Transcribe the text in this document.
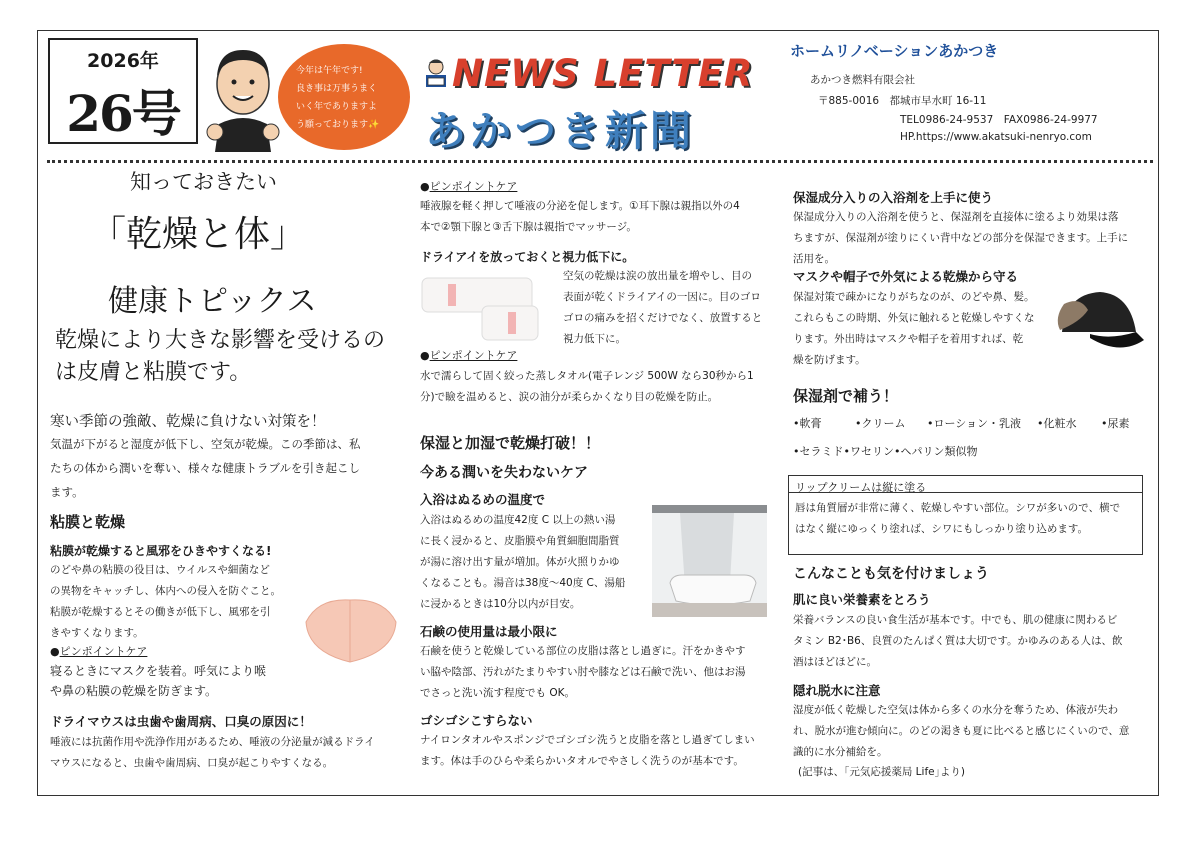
2026年
26号
今年は午年です!
良き事は万事うまく
いく年でありますよ
う願っております✨
NEWS LETTER
あかつき新聞
ホームリノベーションあかつき
あかつき燃料有限会社
〒885-0016　都城市早水町 16-11
TEL0986-24-9537　FAX0986-24-9977
HP.https://www.akatsuki-nenryo.com
知っておきたい
「乾燥と体」
健康トピックス
乾燥により大きな影響を受けるの
は皮膚と粘膜です。
寒い季節の強敵、乾燥に負けない対策を！
気温が下がると湿度が低下し、空気が乾燥。この季節は、私
たちの体から潤いを奪い、様々な健康トラブルを引き起こし
ます。
粘膜と乾燥
粘膜が乾燥すると風邪をひきやすくなる!
のどや鼻の粘膜の役目は、ウイルスや細菌など
の異物をキャッチし、体内への侵入を防ぐこと。
粘膜が乾燥するとその働きが低下し、風邪を引
きやすくなります。
●ピンポイントケア
寝るときにマスクを装着。呼気により喉
や鼻の粘膜の乾燥を防ぎます。
ドライマウスは虫歯や歯周病、口臭の原因に！
唾液には抗菌作用や洗浄作用があるため、唾液の分泌量が減るドライ
マウスになると、虫歯や歯周病、口臭が起こりやすくなる。
●ピンポイントケア
唾液腺を軽く押して唾液の分泌を促します。①耳下腺は親指以外の4
本で②顎下腺と③舌下腺は親指でマッサージ。
ドライアイを放っておくと視力低下に。
空気の乾燥は涙の放出量を増やし、目の
表面が乾くドライアイの一因に。目のゴロ
ゴロの痛みを招くだけでなく、放置すると
視力低下に。
●ピンポイントケア
水で濡らして固く絞った蒸しタオル(電子レンジ 500W なら30秒から1
分)で瞼を温めると、涙の油分が柔らかくなり目の乾燥を防止。
保湿と加湿で乾燥打破！！
今ある潤いを失わないケア
入浴はぬるめの温度で
入浴はぬるめの温度42度 C 以上の熱い湯
に長く浸かると、皮脂膜や角質細胞間脂質
が湯に溶け出す量が増加。体が火照りかゆ
くなることも。湯音は38度〜40度 C、湯船
に浸かるときは10分以内が目安。
石鹸の使用量は最小限に
石鹸を使うと乾燥している部位の皮脂は落とし過ぎに。汗をかきやす
い脇や陰部、汚れがたまりやすい肘や膝などは石鹸で洗い、他はお湯
でさっと洗い流す程度でも OK。
ゴシゴシこすらない
ナイロンタオルやスポンジでゴシゴシ洗うと皮脂を落とし過ぎてしまい
ます。体は手のひらや柔らかいタオルでやさしく洗うのが基本です。
保湿成分入りの入浴剤を上手に使う
保湿成分入りの入浴剤を使うと、保湿剤を直接体に塗るより効果は落
ちますが、保湿剤が塗りにくい背中などの部分を保湿できます。上手に
活用を。
マスクや帽子で外気による乾燥から守る
保湿対策で疎かになりがちなのが、のどや鼻、髪。
これらもこの時期、外気に触れると乾燥しやすくな
ります。外出時はマスクや帽子を着用すれば、乾
燥を防げます。
保湿剤で補う！
•軟膏	•クリーム •ローション・乳液 •化粧水 •尿素
•セラミド•ワセリン•ヘパリン類似物
リップクリームは縦に塗る
唇は角質層が非常に薄く、乾燥しやすい部位。シワが多いので、横で
はなく縦にゆっくり塗れば、シワにもしっかり塗り込めます。
こんなことも気を付けましょう
肌に良い栄養素をとろう
栄養バランスの良い食生活が基本です。中でも、肌の健康に関わるビ
タミン B2･B6、良質のたんぱく質は大切です。かゆみのある人は、飲
酒はほどほどに。
隠れ脱水に注意
湿度が低く乾燥した空気は体から多くの水分を奪うため、体液が失わ
れ、脱水が進む傾向に。のどの渇きも夏に比べると感じにくいので、意
識的に水分補給を。
(記事は、｢元気応援薬局 Life｣より)
